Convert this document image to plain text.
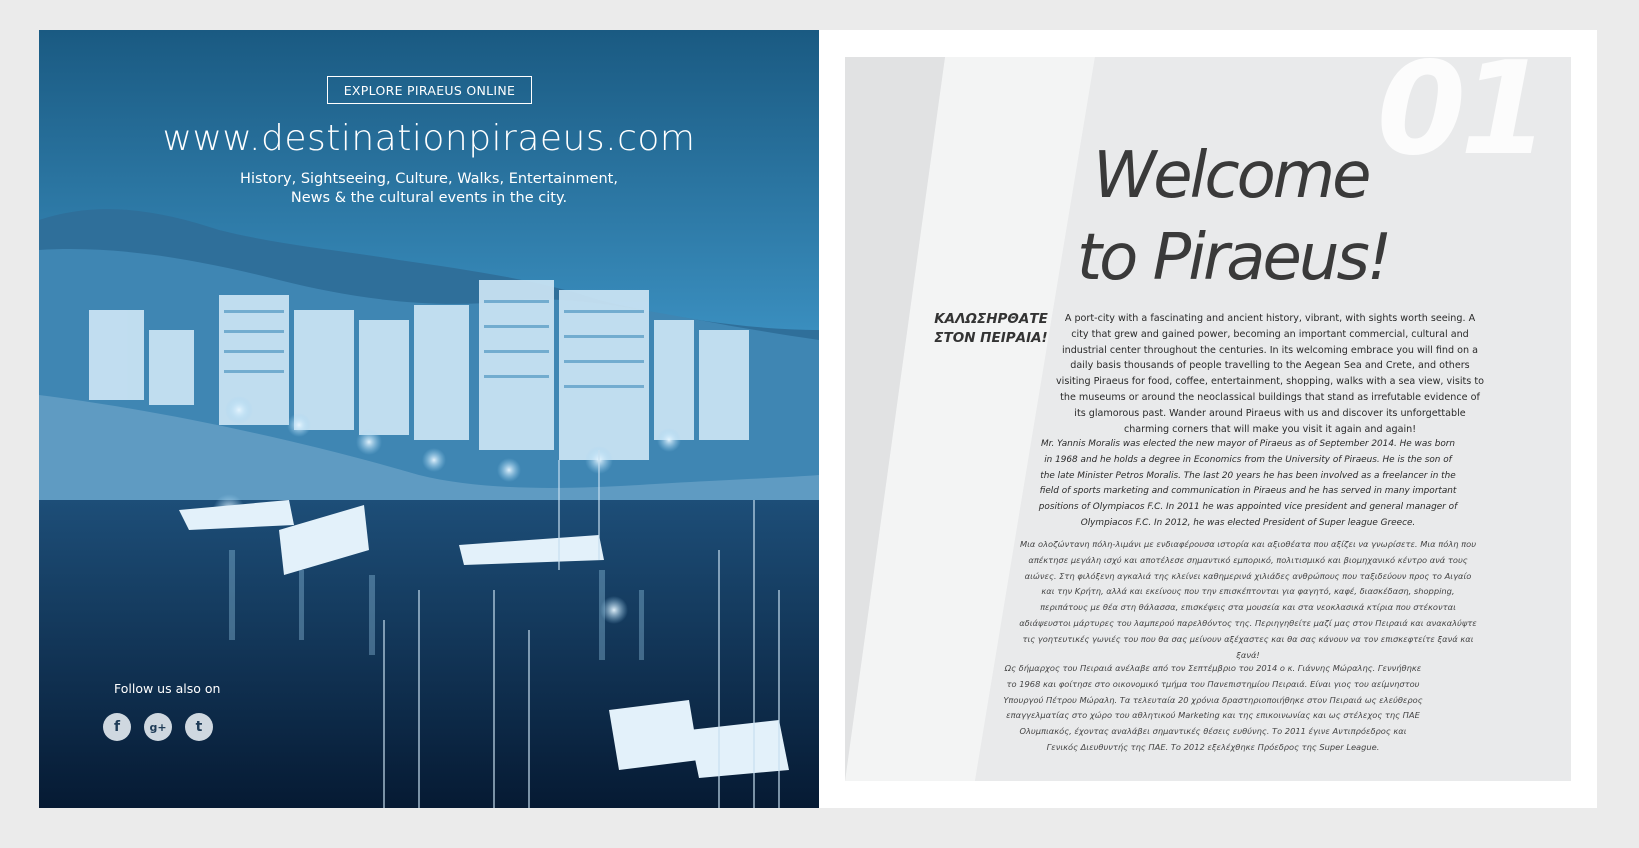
EXPLORE PIRAEUS ONLINE
www.destinationpiraeus.com
History, Sightseeing, Culture, Walks, Entertainment,
News & the cultural events in the city.
Follow us also on
f	g+ t
01
Welcome
to Piraeus!
ΚΑΛΩΣΗΡΘΑΤΕ
ΣΤΟΝ ΠΕΙΡΑΙΑ!
A port-city with a fascinating and ancient history, vibrant, with sights worth seeing. A city that grew and gained power, becoming an important commercial, cultural and industrial center throughout the centuries. In its welcoming embrace you will find on a daily basis thousands of people travelling to the Aegean Sea and Crete, and others visiting Piraeus for food, coffee, entertainment, shopping, walks with a sea view, visits to the museums or around the neoclassical buildings that stand as irrefutable evidence of its glamorous past. Wander around Piraeus with us and discover its unforgettable charming corners that will make you visit it again and again!
Mr. Yannis Moralis was elected the new mayor of Piraeus as of September 2014. He was born in 1968 and he holds a degree in Economics from the University of Piraeus. He is the son of the late Minister Petros Moralis. The last 20 years he has been involved as a freelancer in the field of sports marketing and communication in Piraeus and he has served in many important positions of Olympiacos F.C. In 2011 he was appointed vice president and general manager of Olympiacos F.C. In 2012, he was elected President of Super league Greece.
Μια ολοζώντανη πόλη-λιμάνι με ενδιαφέρουσα ιστορία και αξιοθέατα που αξίζει να γνωρίσετε. Μια πόλη που απέκτησε μεγάλη ισχύ και αποτέλεσε σημαντικό εμπορικό, πολιτισμικό και βιομηχανικό κέντρο ανά τους αιώνες. Στη φιλόξενη αγκαλιά της κλείνει καθημερινά χιλιάδες ανθρώπους που ταξιδεύουν προς το Αιγαίο και την Κρήτη, αλλά και εκείνους που την επισκέπτονται για φαγητό, καφέ, διασκέδαση, shopping, περιπάτους με θέα στη θάλασσα, επισκέψεις στα μουσεία και στα νεοκλασικά κτίρια που στέκονται αδιάψευστοι μάρτυρες του λαμπερού παρελθόντος της. Περιηγηθείτε μαζί μας στον Πειραιά και ανακαλύψτε τις γοητευτικές γωνιές του που θα σας μείνουν αξέχαστες και θα σας κάνουν να τον επισκεφτείτε ξανά και ξανά!
Ως δήμαρχος του Πειραιά ανέλαβε από τον Σεπτέμβριο του 2014 ο κ. Γιάννης Μώραλης. Γεννήθηκε το 1968 και φοίτησε στο οικονομικό τμήμα του Πανεπιστημίου Πειραιά. Είναι γιος του αείμνηστου Υπουργού Πέτρου Μώραλη. Τα τελευταία 20 χρόνια δραστηριοποιήθηκε στον Πειραιά ως ελεύθερος επαγγελματίας στο χώρο του αθλητικού Marketing και της επικοινωνίας και ως στέλεχος της ΠΑΕ Ολυμπιακός, έχοντας αναλάβει σημαντικές θέσεις ευθύνης. Το 2011 έγινε Αντιπρόεδρος και Γενικός Διευθυντής της ΠΑΕ. Το 2012 εξελέχθηκε Πρόεδρος της Super League.
